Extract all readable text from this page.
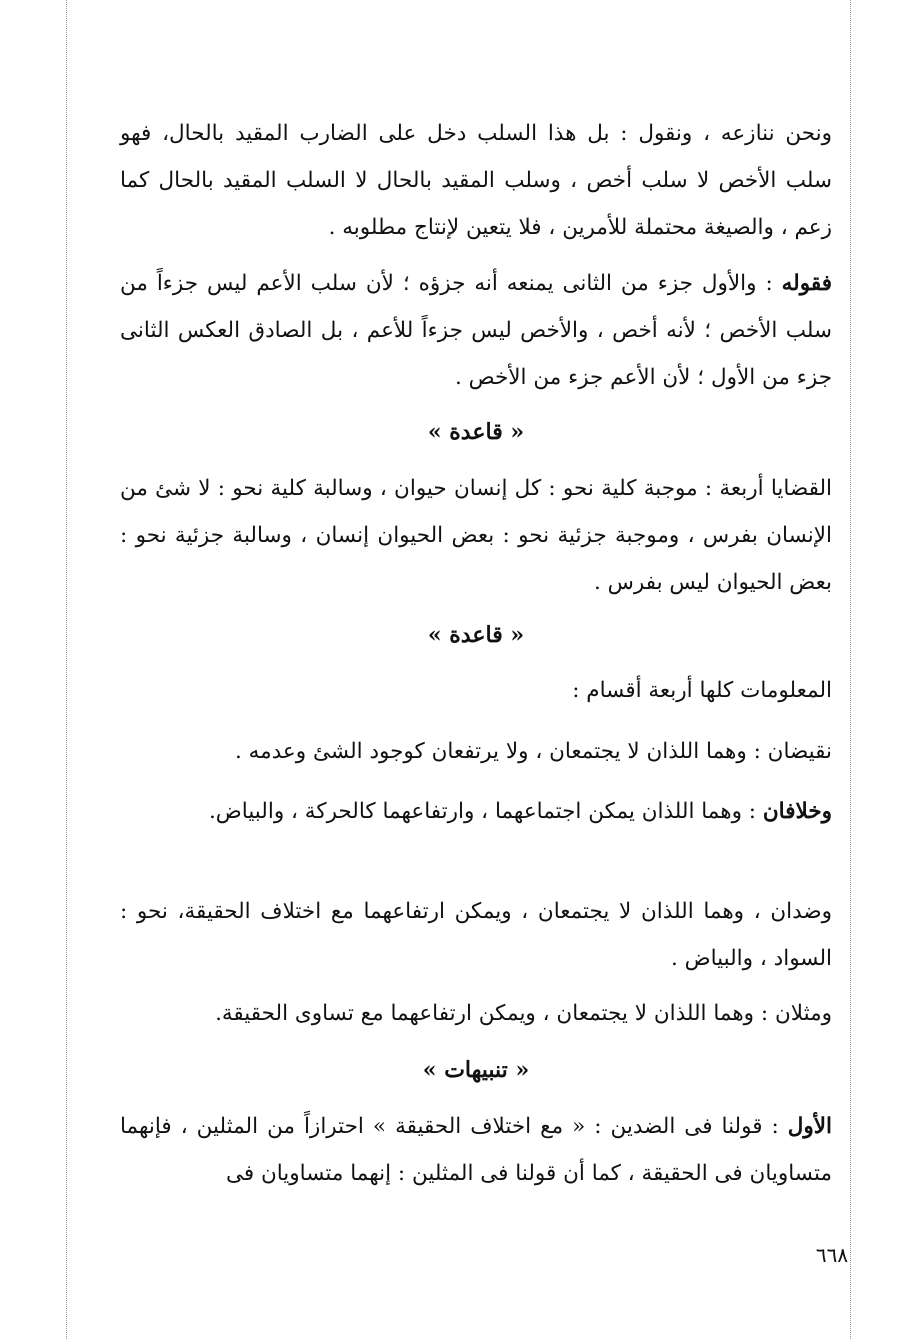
ونحن ننازعه ، ونقول : بل هذا السلب دخل على الضارب المقيد بالحال، فهو سلب الأخص لا سلب أخص ، وسلب المقيد بالحال لا السلب المقيد بالحال كما زعم ، والصيغة محتملة للأمرين ، فلا يتعين لإنتاج مطلوبه .

فقوله : والأول جزء من الثانى يمنعه أنه جزؤه ؛ لأن سلب الأعم ليس جزءاً من سلب الأخص ؛ لأنه أخص ، والأخص ليس جزءاً للأعم ، بل الصادق العكس الثانى جزء من الأول ؛ لأن الأعم جزء من الأخص .

« قاعدة »

القضايا أربعة : موجبة كلية نحو : كل إنسان حيوان ، وسالبة كلية نحو : لا شئ من الإنسان بفرس ، وموجبة جزئية نحو : بعض الحيوان إنسان ، وسالبة جزئية نحو : بعض الحيوان ليس بفرس .

« قاعدة »

المعلومات كلها أربعة أقسام :

نقيضان : وهما اللذان لا يجتمعان ، ولا يرتفعان كوجود الشئ وعدمه .

وخلافان : وهما اللذان يمكن اجتماعهما ، وارتفاعهما كالحركة ، والبياض.

وضدان ، وهما اللذان لا يجتمعان ، ويمكن ارتفاعهما مع اختلاف الحقيقة، نحو : السواد ، والبياض .

ومثلان : وهما اللذان لا يجتمعان ، ويمكن ارتفاعهما مع تساوى الحقيقة.

« تنبيهات »

الأول : قولنا فى الضدين : « مع اختلاف الحقيقة » احترازاً من المثلين ، فإنهما متساويان فى الحقيقة ، كما أن قولنا فى المثلين : إنهما متساويان فى

٦٦٨
